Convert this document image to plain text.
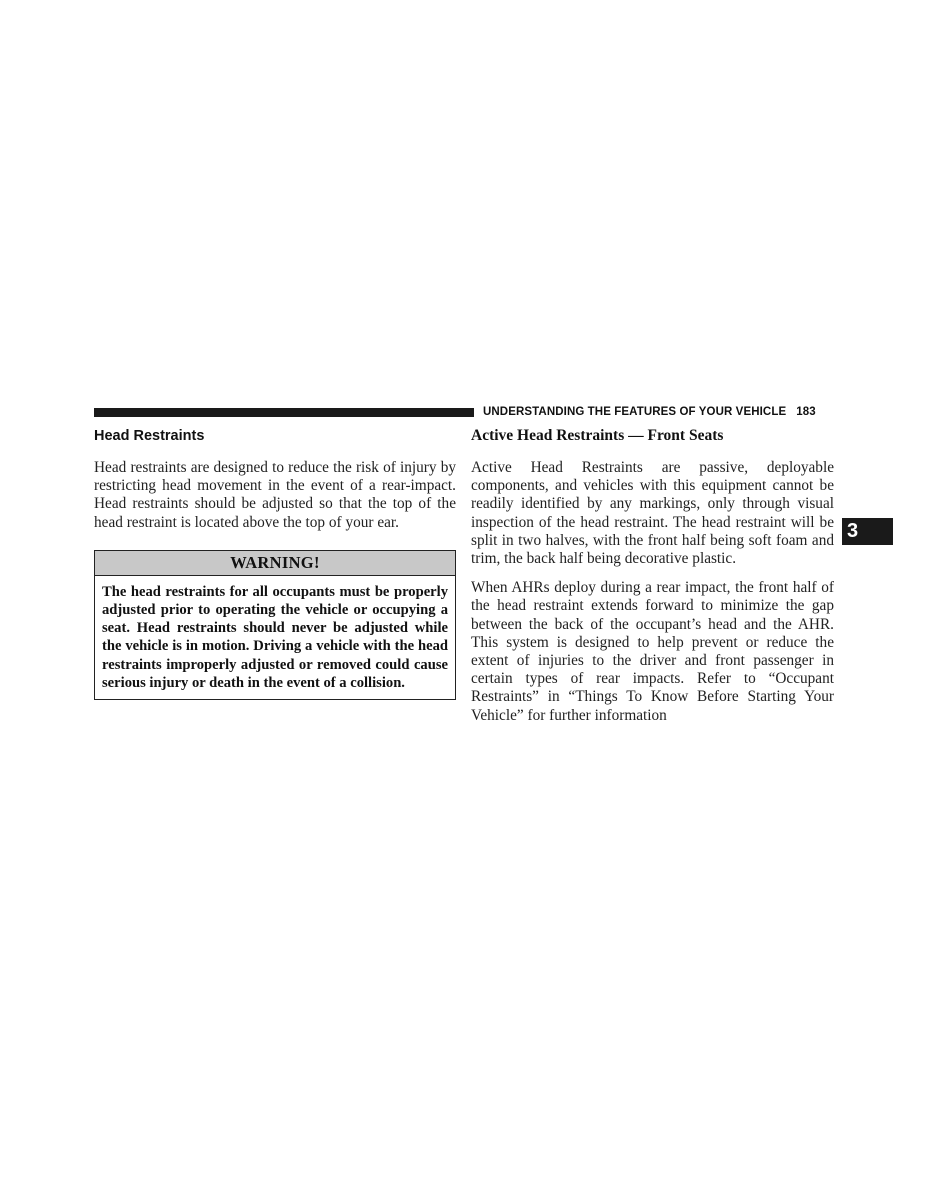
UNDERSTANDING THE FEATURES OF YOUR VEHICLE 183
3
Head Restraints

Head restraints are designed to reduce the risk of injury by restricting head movement in the event of a rear-impact. Head restraints should be adjusted so that the top of the head restraint is located above the top of your ear.

WARNING!
The head restraints for all occupants must be properly adjusted prior to operating the vehicle or occupying a seat. Head restraints should never be adjusted while the vehicle is in motion. Driving a vehicle with the head restraints improperly adjusted or removed could cause serious injury or death in the event of a collision.
Active Head Restraints — Front Seats

Active Head Restraints are passive, deployable components, and vehicles with this equipment cannot be readily identified by any markings, only through visual inspection of the head restraint. The head restraint will be split in two halves, with the front half being soft foam and trim, the back half being decorative plastic.

When AHRs deploy during a rear impact, the front half of the head restraint extends forward to minimize the gap between the back of the occupant’s head and the AHR. This system is designed to help prevent or reduce the extent of injuries to the driver and front passenger in certain types of rear impacts. Refer to “Occupant Restraints” in “Things To Know Before Starting Your Vehicle” for further information
